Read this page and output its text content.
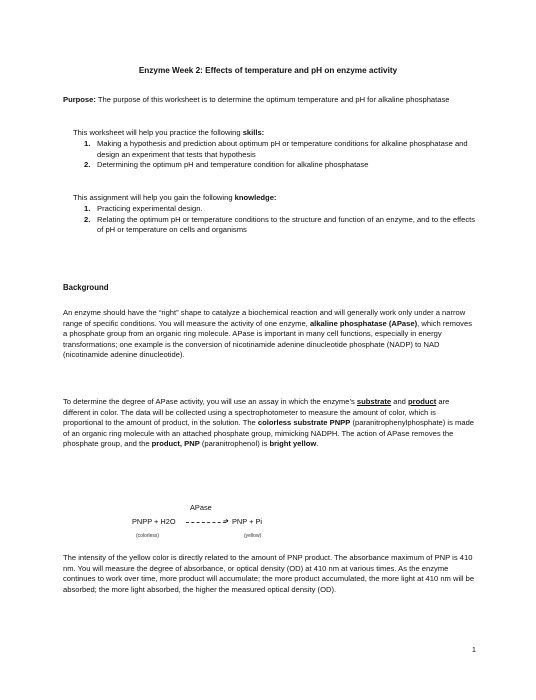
Enzyme Week 2: Effects of temperature and pH on enzyme activity
Purpose: The purpose of this worksheet is to determine the optimum temperature and pH for alkaline phosphatase
This worksheet will help you practice the following skills:
1. Making a hypothesis and prediction about optimum pH or temperature conditions for alkaline phosphatase and design an experiment that tests that hypothesis
2. Determining the optimum pH and temperature condition for alkaline phosphatase
This assignment will help you gain the following knowledge:
1. Practicing experimental design.
2. Relating the optimum pH or temperature conditions to the structure and function of an enzyme, and to the effects of pH or temperature on cells and organisms
Background
An enzyme should have the “right” shape to catalyze a biochemical reaction and will generally work only under a narrow range of specific conditions. You will measure the activity of one enzyme, alkaline phosphatase (APase), which removes a phosphate group from an organic ring molecule. APase is important in many cell functions, especially in energy transformations; one example is the conversion of nicotinamide adenine dinucleotide phosphate (NADP) to NAD (nicotinamide adenine dinucleotide).
To determine the degree of APase activity, you will use an assay in which the enzyme’s substrate and product are different in color. The data will be collected using a spectrophotometer to measure the amount of color, which is proportional to the amount of product, in the solution. The colorless substrate PNPP (paranitrophenylphosphate) is made of an organic ring molecule with an attached phosphate group, mimicking NADPH. The action of APase removes the phosphate group, and the product, PNP (paranitrophenol) is bright yellow.
APase
PNPP + H2O	➔ PNP + Pi
(colorless)	(yellow)
The intensity of the yellow color is directly related to the amount of PNP product. The absorbance maximum of PNP is 410 nm. You will measure the degree of absorbance, or optical density (OD) at 410 nm at various times. As the enzyme continues to work over time, more product will accumulate; the more product accumulated, the more light at 410 nm will be absorbed; the more light absorbed, the higher the measured optical density (OD).
1
